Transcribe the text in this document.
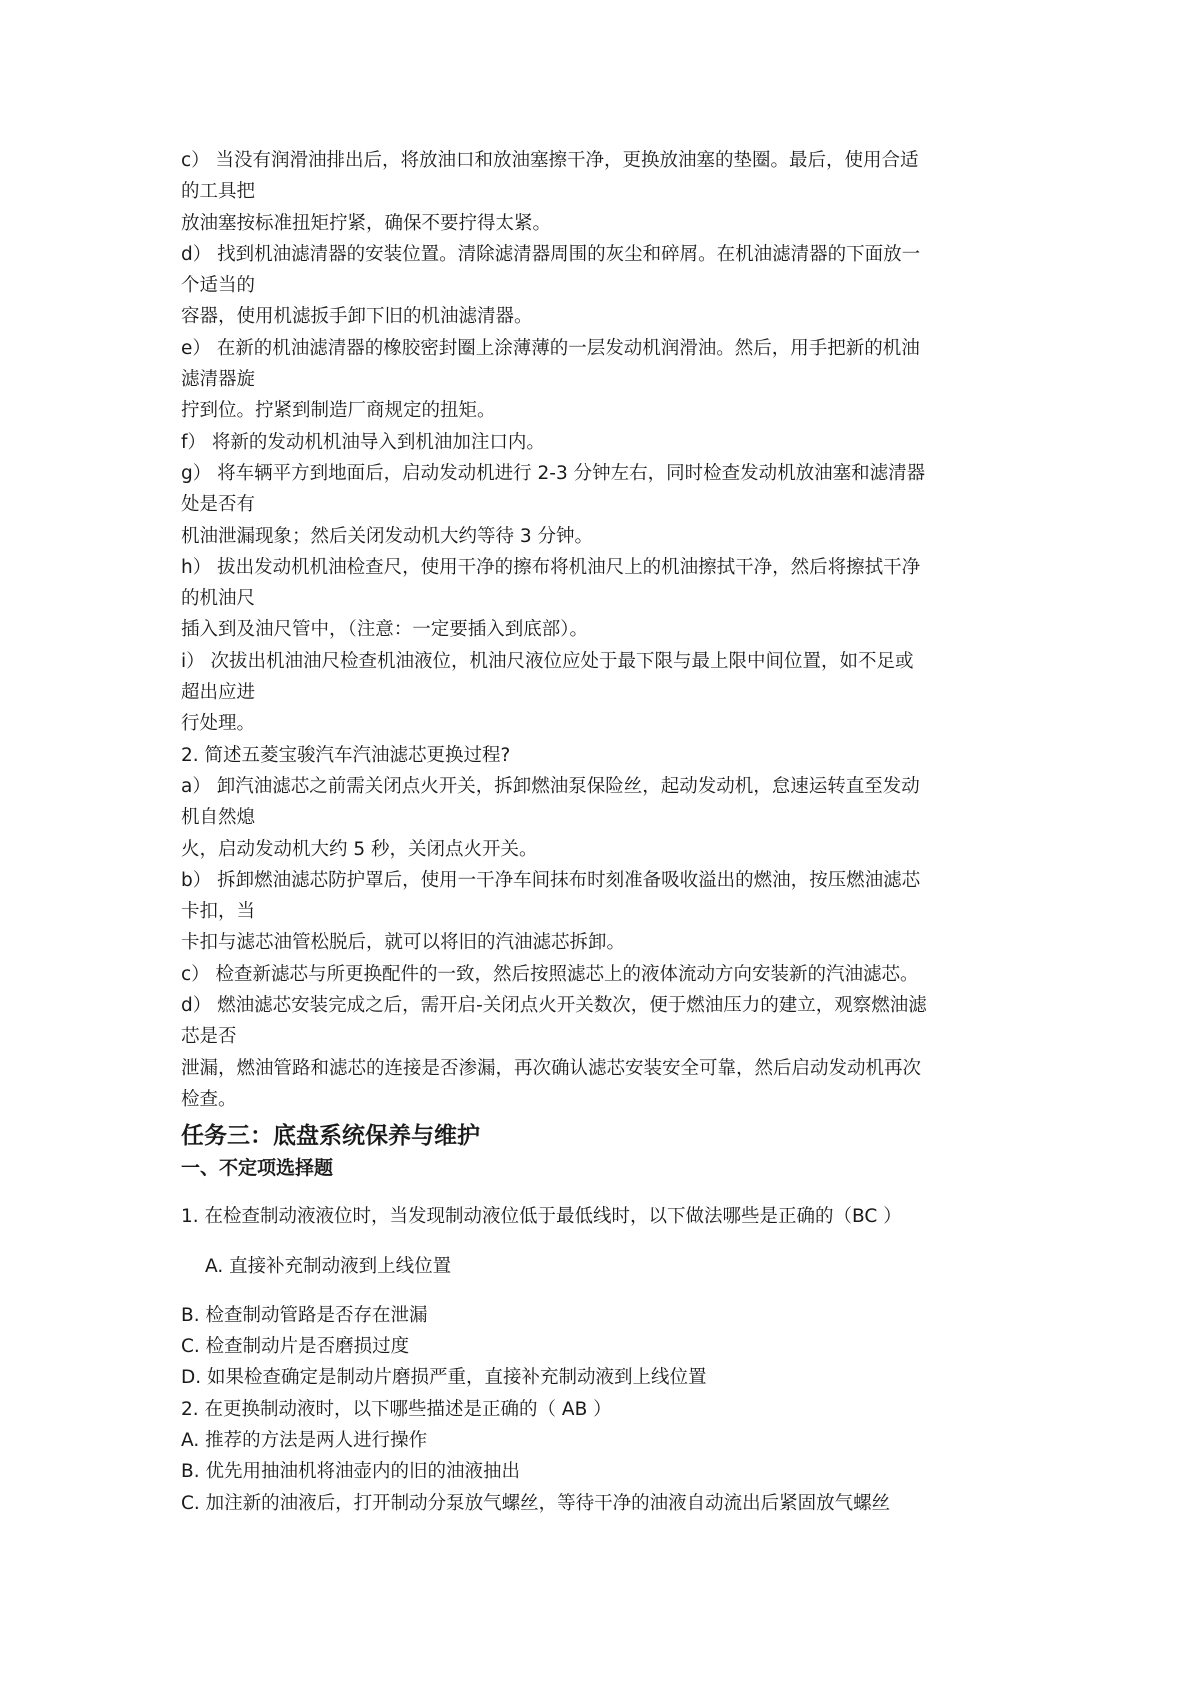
c） 当没有润滑油排出后，将放油口和放油塞擦干净，更换放油塞的垫圈。最后，使用合适
的工具把
放油塞按标准扭矩拧紧，确保不要拧得太紧。
d） 找到机油滤清器的安装位置。清除滤清器周围的灰尘和碎屑。在机油滤清器的下面放一
个适当的
容器，使用机滤扳手卸下旧的机油滤清器。
e） 在新的机油滤清器的橡胶密封圈上涂薄薄的一层发动机润滑油。然后，用手把新的机油
滤清器旋
拧到位。拧紧到制造厂商规定的扭矩。
f） 将新的发动机机油导入到机油加注口内。
g） 将车辆平方到地面后，启动发动机进行 2-3 分钟左右，同时检查发动机放油塞和滤清器
处是否有
机油泄漏现象；然后关闭发动机大约等待 3 分钟。
h） 拔出发动机机油检查尺，使用干净的擦布将机油尺上的机油擦拭干净，然后将擦拭干净
的机油尺
插入到及油尺管中，（注意：一定要插入到底部）。
i） 次拔出机油油尺检查机油液位，机油尺液位应处于最下限与最上限中间位置，如不足或
超出应进
行处理。
2. 简述五菱宝骏汽车汽油滤芯更换过程?
a） 卸汽油滤芯之前需关闭点火开关，拆卸燃油泵保险丝，起动发动机，怠速运转直至发动
机自然熄
火，启动发动机大约 5 秒，关闭点火开关。
b） 拆卸燃油滤芯防护罩后，使用一干净车间抹布时刻准备吸收溢出的燃油，按压燃油滤芯
卡扣，当
卡扣与滤芯油管松脱后，就可以将旧的汽油滤芯拆卸。
c） 检查新滤芯与所更换配件的一致，然后按照滤芯上的液体流动方向安装新的汽油滤芯。
d） 燃油滤芯安装完成之后，需开启-关闭点火开关数次，便于燃油压力的建立，观察燃油滤
芯是否
泄漏，燃油管路和滤芯的连接是否渗漏，再次确认滤芯安装安全可靠，然后启动发动机再次
检查。
任务三：底盘系统保养与维护
一、不定项选择题
1. 在检查制动液液位时，当发现制动液位低于最低线时，以下做法哪些是正确的（BC ）
A. 直接补充制动液到上线位置
B. 检查制动管路是否存在泄漏
C. 检查制动片是否磨损过度
D. 如果检查确定是制动片磨损严重，直接补充制动液到上线位置
2. 在更换制动液时，以下哪些描述是正确的（ AB ）
A. 推荐的方法是两人进行操作
B. 优先用抽油机将油壶内的旧的油液抽出
C. 加注新的油液后，打开制动分泵放气螺丝，等待干净的油液自动流出后紧固放气螺丝
